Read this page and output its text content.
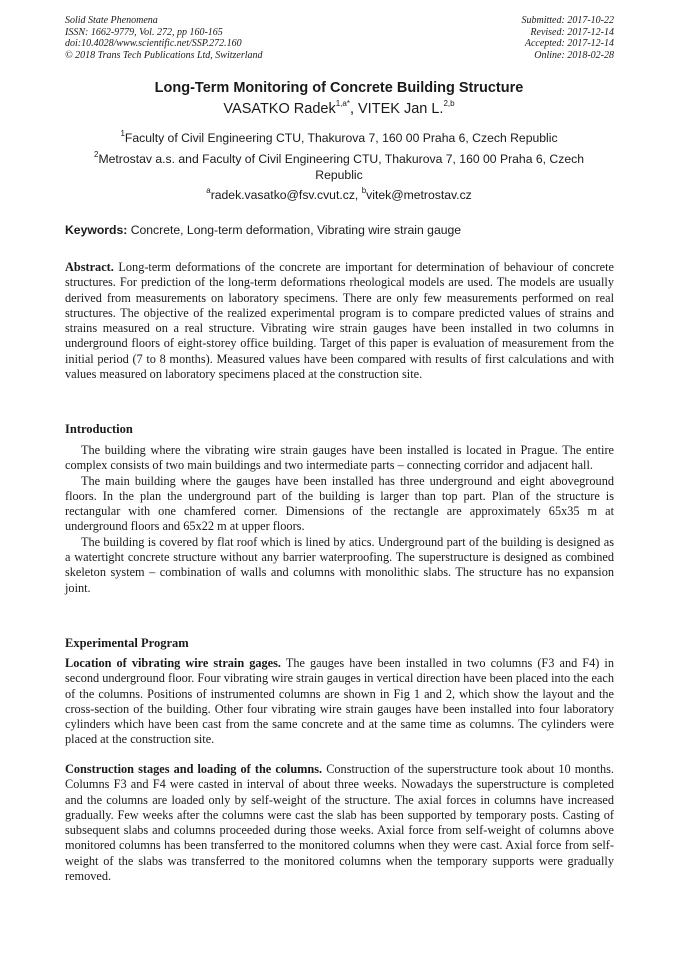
Solid State Phenomena
ISSN: 1662-9779, Vol. 272, pp 160-165
doi:10.4028/www.scientific.net/SSP.272.160
© 2018 Trans Tech Publications Ltd, Switzerland
Submitted: 2017-10-22
Revised: 2017-12-14
Accepted: 2017-12-14
Online: 2018-02-28
Long-Term Monitoring of Concrete Building Structure
VASATKO Radek$^{1,a*}$, VITEK Jan L.$^{2,b}$
$^1$Faculty of Civil Engineering CTU, Thakurova 7, 160 00 Praha 6, Czech Republic
$^2$Metrostav a.s. and Faculty of Civil Engineering CTU, Thakurova 7, 160 00 Praha 6, Czech Republic
$^a$radek.vasatko@fsv.cvut.cz, $^b$vitek@metrostav.cz
Keywords: Concrete, Long-term deformation, Vibrating wire strain gauge

Abstract. Long-term deformations of the concrete are important for determination of behaviour of concrete structures. For prediction of the long-term deformations rheological models are used. The models are usually derived from measurements on laboratory specimens. There are only few measurements performed on real structures. The objective of the realized experimental program is to compare predicted values of strains and strains measured on a real structure. Vibrating wire strain gauges have been installed in two columns in underground floors of eight-storey office building. Target of this paper is evaluation of measurement from the initial period (7 to 8 months). Measured values have been compared with results of first calculations and with values measured on laboratory specimens placed at the construction site.

Introduction

The building where the vibrating wire strain gauges have been installed is located in Prague. The entire complex consists of two main buildings and two intermediate parts – connecting corridor and adjacent hall.

The main building where the gauges have been installed has three underground and eight aboveground floors. In the plan the underground part of the building is larger than top part. Plan of the structure is rectangular with one chamfered corner. Dimensions of the rectangle are approximately 65x35 m at underground floors and 65x22 m at upper floors.

The building is covered by flat roof which is lined by atics. Underground part of the building is designed as a watertight concrete structure without any barrier waterproofing. The superstructure is designed as combined skeleton system – combination of walls and columns with monolithic slabs. The structure has no expansion joint.

Experimental Program

Location of vibrating wire strain gages. The gauges have been installed in two columns (F3 and F4) in second underground floor. Four vibrating wire strain gauges in vertical direction have been placed into the each of the columns. Positions of instrumented columns are shown in Fig 1 and 2, which show the layout and the cross-section of the building. Other four vibrating wire strain gauges have been installed into four laboratory cylinders which have been cast from the same concrete and at the same time as columns. The cylinders were placed at the construction site.

Construction stages and loading of the columns. Construction of the superstructure took about 10 months. Columns F3 and F4 were casted in interval of about three weeks. Nowadays the superstructure is completed and the columns are loaded only by self-weight of the structure. The axial forces in columns have increased gradually. Few weeks after the columns were cast the slab has been supported by temporary posts. Casting of subsequent slabs and columns proceeded during those weeks. Axial force from self-weight of columns above monitored columns has been transferred to the monitored columns when they were cast. Axial force from self-weight of the slabs was transferred to the monitored columns when the temporary supports were gradually removed.
